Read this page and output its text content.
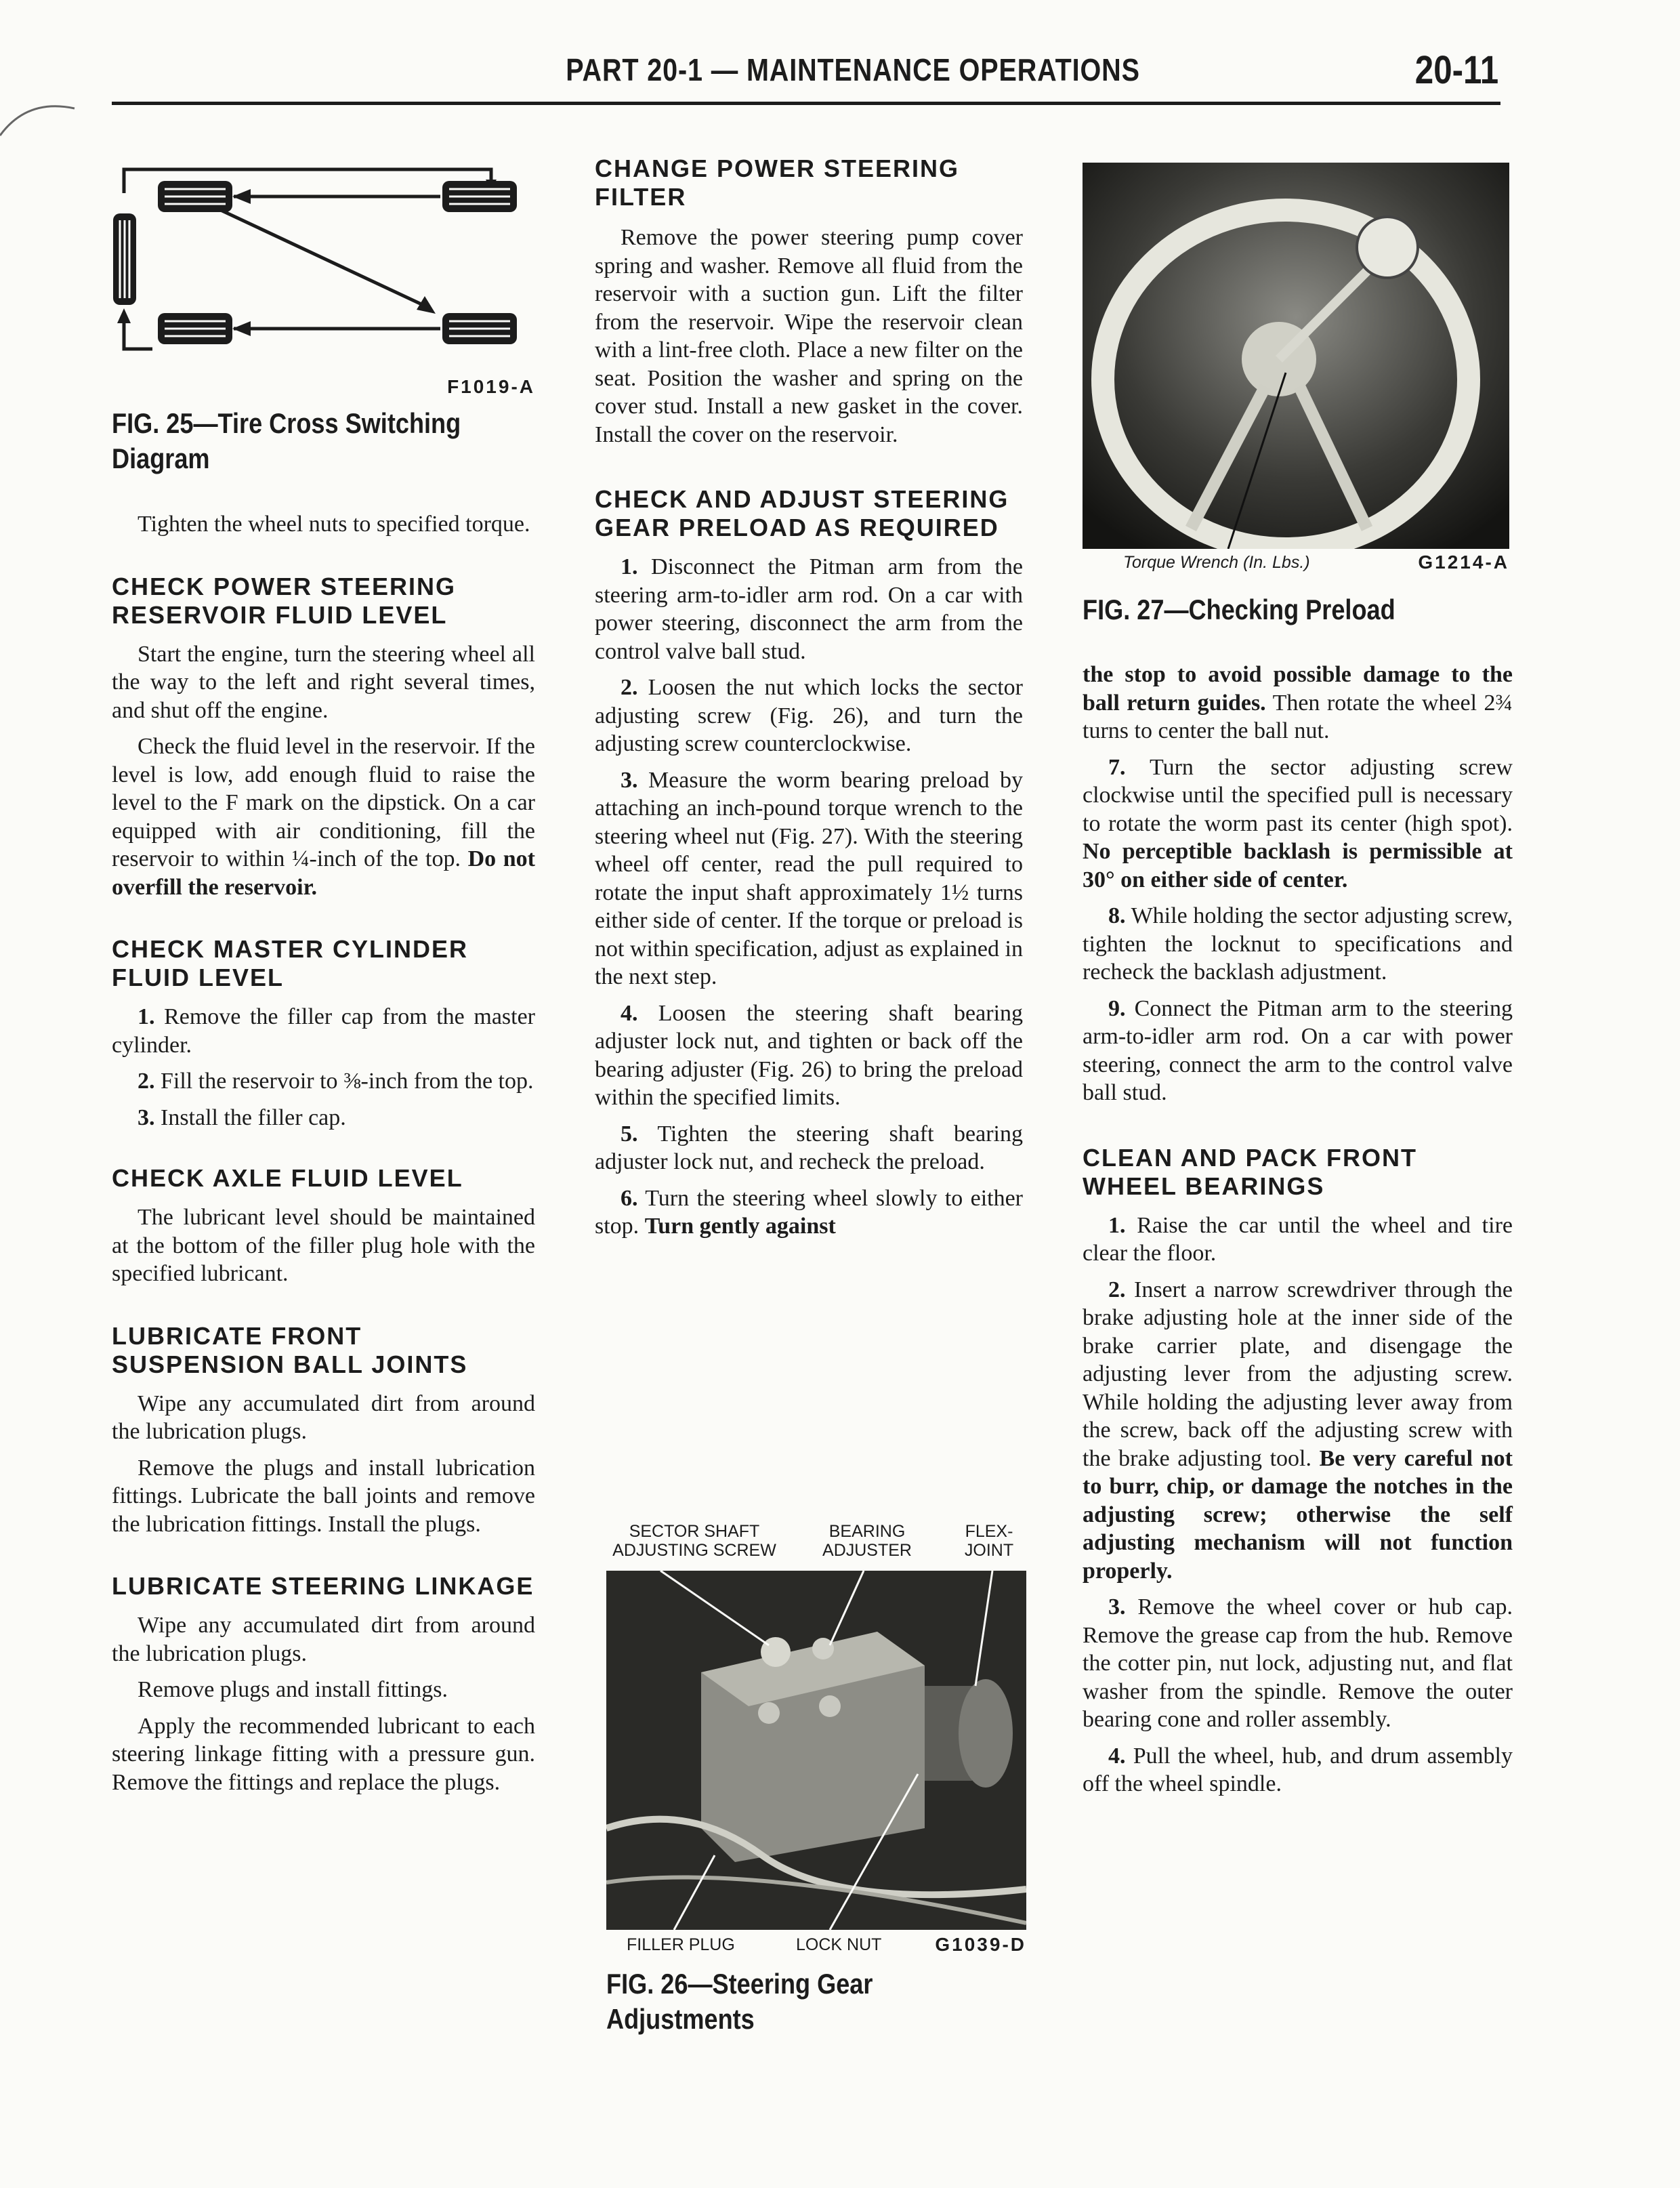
PART 20-1 — MAINTENANCE OPERATIONS	20-11
F1019-A
FIG. 25—Tire Cross Switching
Diagram

Tighten the wheel nuts to specified torque.

CHECK POWER STEERING RESERVOIR FLUID LEVEL

Start the engine, turn the steering wheel all the way to the left and right several times, and shut off the engine.

Check the fluid level in the reservoir. If the level is low, add enough fluid to raise the level to the F mark on the dipstick. On a car equipped with air conditioning, fill the reservoir to within ¼-inch of the top. Do not overfill the reservoir.

CHECK MASTER CYLINDER FLUID LEVEL

1. Remove the filler cap from the master cylinder.

2. Fill the reservoir to ⅜-inch from the top.

3. Install the filler cap.

CHECK AXLE FLUID LEVEL

The lubricant level should be maintained at the bottom of the filler plug hole with the specified lubricant.

LUBRICATE FRONT SUSPENSION BALL JOINTS

Wipe any accumulated dirt from around the lubrication plugs.

Remove the plugs and install lubrication fittings. Lubricate the ball joints and remove the lubrication fittings. Install the plugs.

LUBRICATE STEERING LINKAGE

Wipe any accumulated dirt from around the lubrication plugs.

Remove plugs and install fittings.

Apply the recommended lubricant to each steering linkage fitting with a pressure gun. Remove the fittings and replace the plugs.

CHANGE POWER STEERING FILTER

Remove the power steering pump cover spring and washer. Remove all fluid from the reservoir with a suction gun. Lift the filter from the reservoir. Wipe the reservoir clean with a lint-free cloth. Place a new filter on the seat. Position the washer and spring on the cover stud. Install a new gasket in the cover. Install the cover on the reservoir.

CHECK AND ADJUST STEERING GEAR PRELOAD AS REQUIRED

1. Disconnect the Pitman arm from the steering arm-to-idler arm rod. On a car with power steering, disconnect the arm from the control valve ball stud.

2. Loosen the nut which locks the sector adjusting screw (Fig. 26), and turn the adjusting screw counterclockwise.

3. Measure the worm bearing preload by attaching an inch-pound torque wrench to the steering wheel nut (Fig. 27). With the steering wheel off center, read the pull required to rotate the input shaft approximately 1½ turns either side of center. If the torque or preload is not within specification, adjust as explained in the next step.

4. Loosen the steering shaft bearing adjuster lock nut, and tighten or back off the bearing adjuster (Fig. 26) to bring the preload within the specified limits.

5. Tighten the steering shaft bearing adjuster lock nut, and recheck the preload.

6. Turn the steering wheel slowly to either stop. Turn gently against

SECTOR SHAFT
ADJUSTING SCREW
BEARING
ADJUSTER
FLEX-
JOINT
FILLER PLUG	LOCK NUT	G1039-D
FIG. 26—Steering Gear
Adjustments
Torque Wrench (In. Lbs.)	G1214-A
FIG. 27—Checking Preload

the stop to avoid possible damage to the ball return guides. Then rotate the wheel 2¾ turns to center the ball nut.

7. Turn the sector adjusting screw clockwise until the specified pull is necessary to rotate the worm past its center (high spot). No perceptible backlash is permissible at 30° on either side of center.

8. While holding the sector adjusting screw, tighten the locknut to specifications and recheck the backlash adjustment.

9. Connect the Pitman arm to the steering arm-to-idler arm rod. On a car with power steering, connect the arm to the control valve ball stud.

CLEAN AND PACK FRONT WHEEL BEARINGS

1. Raise the car until the wheel and tire clear the floor.

2. Insert a narrow screwdriver through the brake adjusting hole at the inner side of the brake carrier plate, and disengage the adjusting lever from the adjusting screw. While holding the adjusting lever away from the screw, back off the adjusting screw with the brake adjusting tool. Be very careful not to burr, chip, or damage the notches in the adjusting screw; otherwise the self adjusting mechanism will not function properly.

3. Remove the wheel cover or hub cap. Remove the grease cap from the hub. Remove the cotter pin, nut lock, adjusting nut, and flat washer from the spindle. Remove the outer bearing cone and roller assembly.

4. Pull the wheel, hub, and drum assembly off the wheel spindle.
